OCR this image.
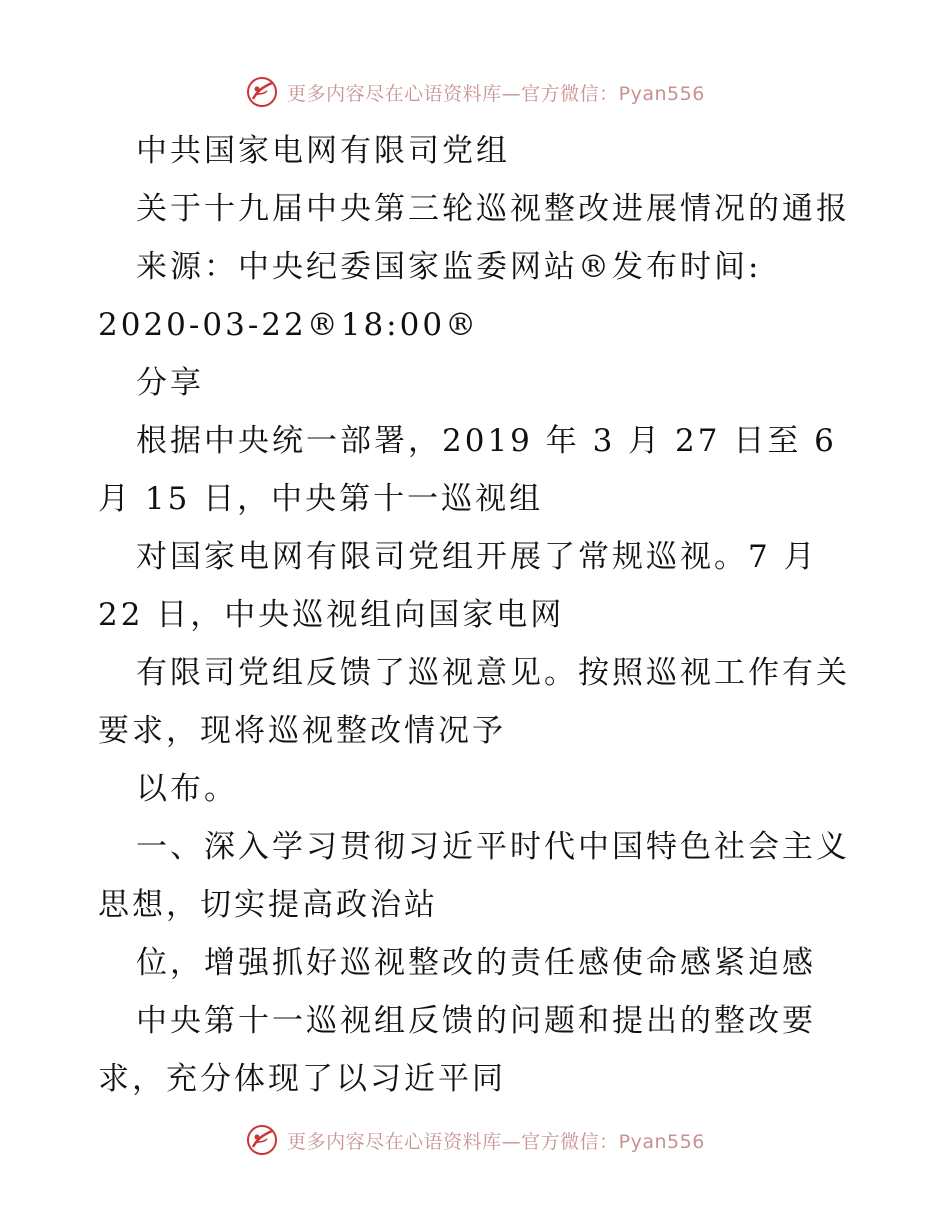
更多内容尽在心语资料库—官方微信：Pyan556
中共国家电网有限司党组
关于十九届中央第三轮巡视整改进展情况的通报
来源：中央纪委国家监委网站®发布时间:
2020-03-22®18:00®
分享
根据中央统一部署，2019 年 3 月 27 日至 6
月 15 日，中央第十一巡视组
对国家电网有限司党组开展了常规巡视。7 月
22 日，中央巡视组向国家电网
有限司党组反馈了巡视意见。按照巡视工作有关
要求，现将巡视整改情况予
以布。
一、深入学习贯彻习近平时代中国特色社会主义
思想，切实提高政治站
位，增强抓好巡视整改的责任感使命感紧迫感
中央第十一巡视组反馈的问题和提出的整改要
求，充分体现了以习近平同
更多内容尽在心语资料库—官方微信：Pyan556
